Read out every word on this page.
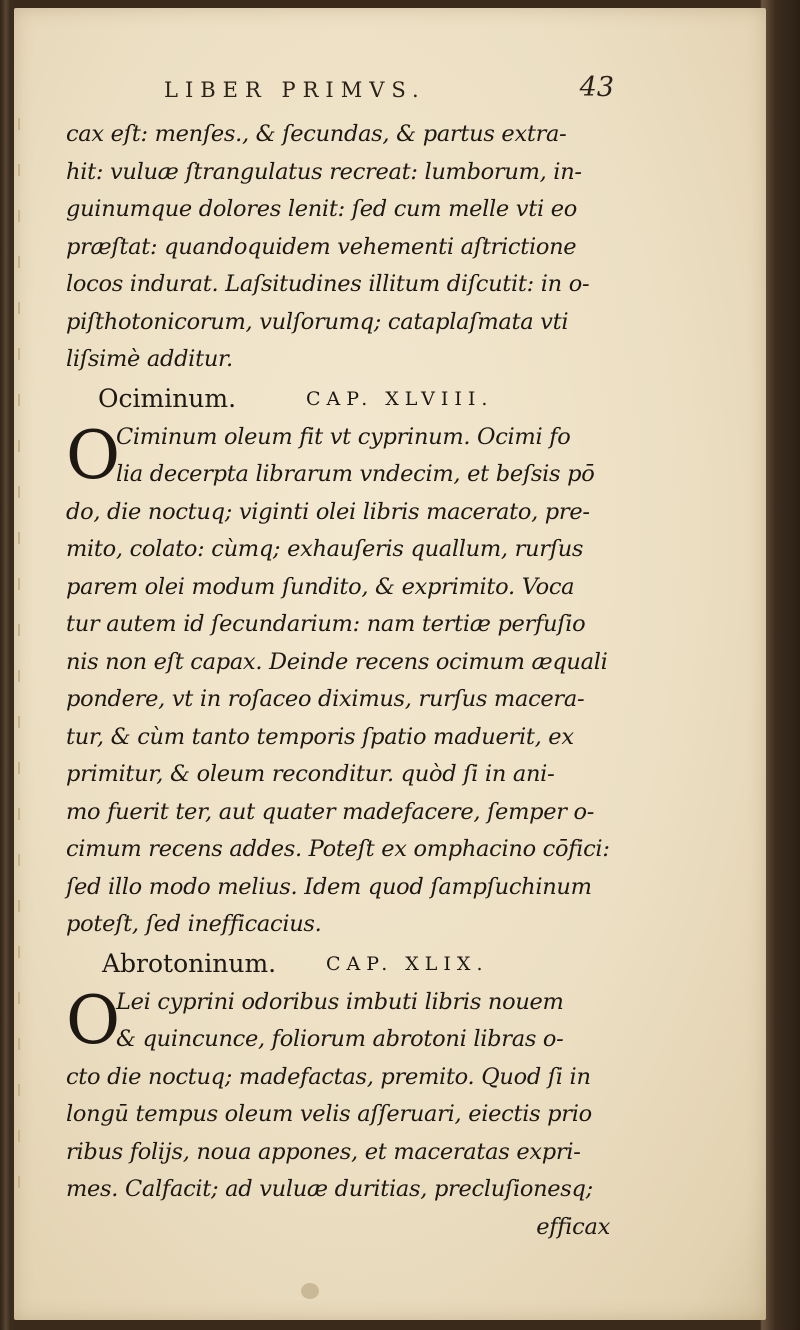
LIBER PRIMVS.	43
cax eſt: menſes., & ſecundas, & partus extra-
hit: vuluæ ſtrangulatus recreat: lumborum, in-
guinumque dolores lenit: ſed cum melle vti eo
præſtat: quandoquidem vehementi aſtrictione
locos indurat. Laſsitudines illitum diſcutit: in o-
piſthotonicorum, vulſorumq; cataplaſmata vti
liſsimè additur.
Ociminum.	CAP. XLVIII.
O
Ciminum oleum fit vt cyprinum. Ocimi fo
lia decerpta librarum vndecim, et beſsis pō
do, die noctuq; viginti olei libris macerato, pre-
mito, colato: cùmq; exhauſeris quallum, rurſus
parem olei modum ſundito, & exprimito. Voca
tur autem id ſecundarium: nam tertiæ perfuſio
nis non eſt capax. Deinde recens ocimum æquali
pondere, vt in roſaceo diximus, rurſus macera-
tur, & cùm tanto temporis ſpatio maduerit, ex
primitur, & oleum reconditur. quòd ſi in ani-
mo fuerit ter, aut quater madefacere, ſemper o-
cimum recens addes. Poteſt ex omphacino cōfici:
ſed illo modo melius. Idem quod ſampſuchinum
poteſt, ſed inefficacius.
Abrotoninum.	CAP. XLIX.
O
Lei cyprini odoribus imbuti libris nouem
& quincunce, foliorum abrotoni libras o-
cto die noctuq; madefactas, premito. Quod ſi in
longū tempus oleum velis aſſeruari, eiectis prio
ribus folijs, noua appones, et maceratas expri-
mes. Calfacit; ad vuluæ duritias, precluſionesq;
efficax
